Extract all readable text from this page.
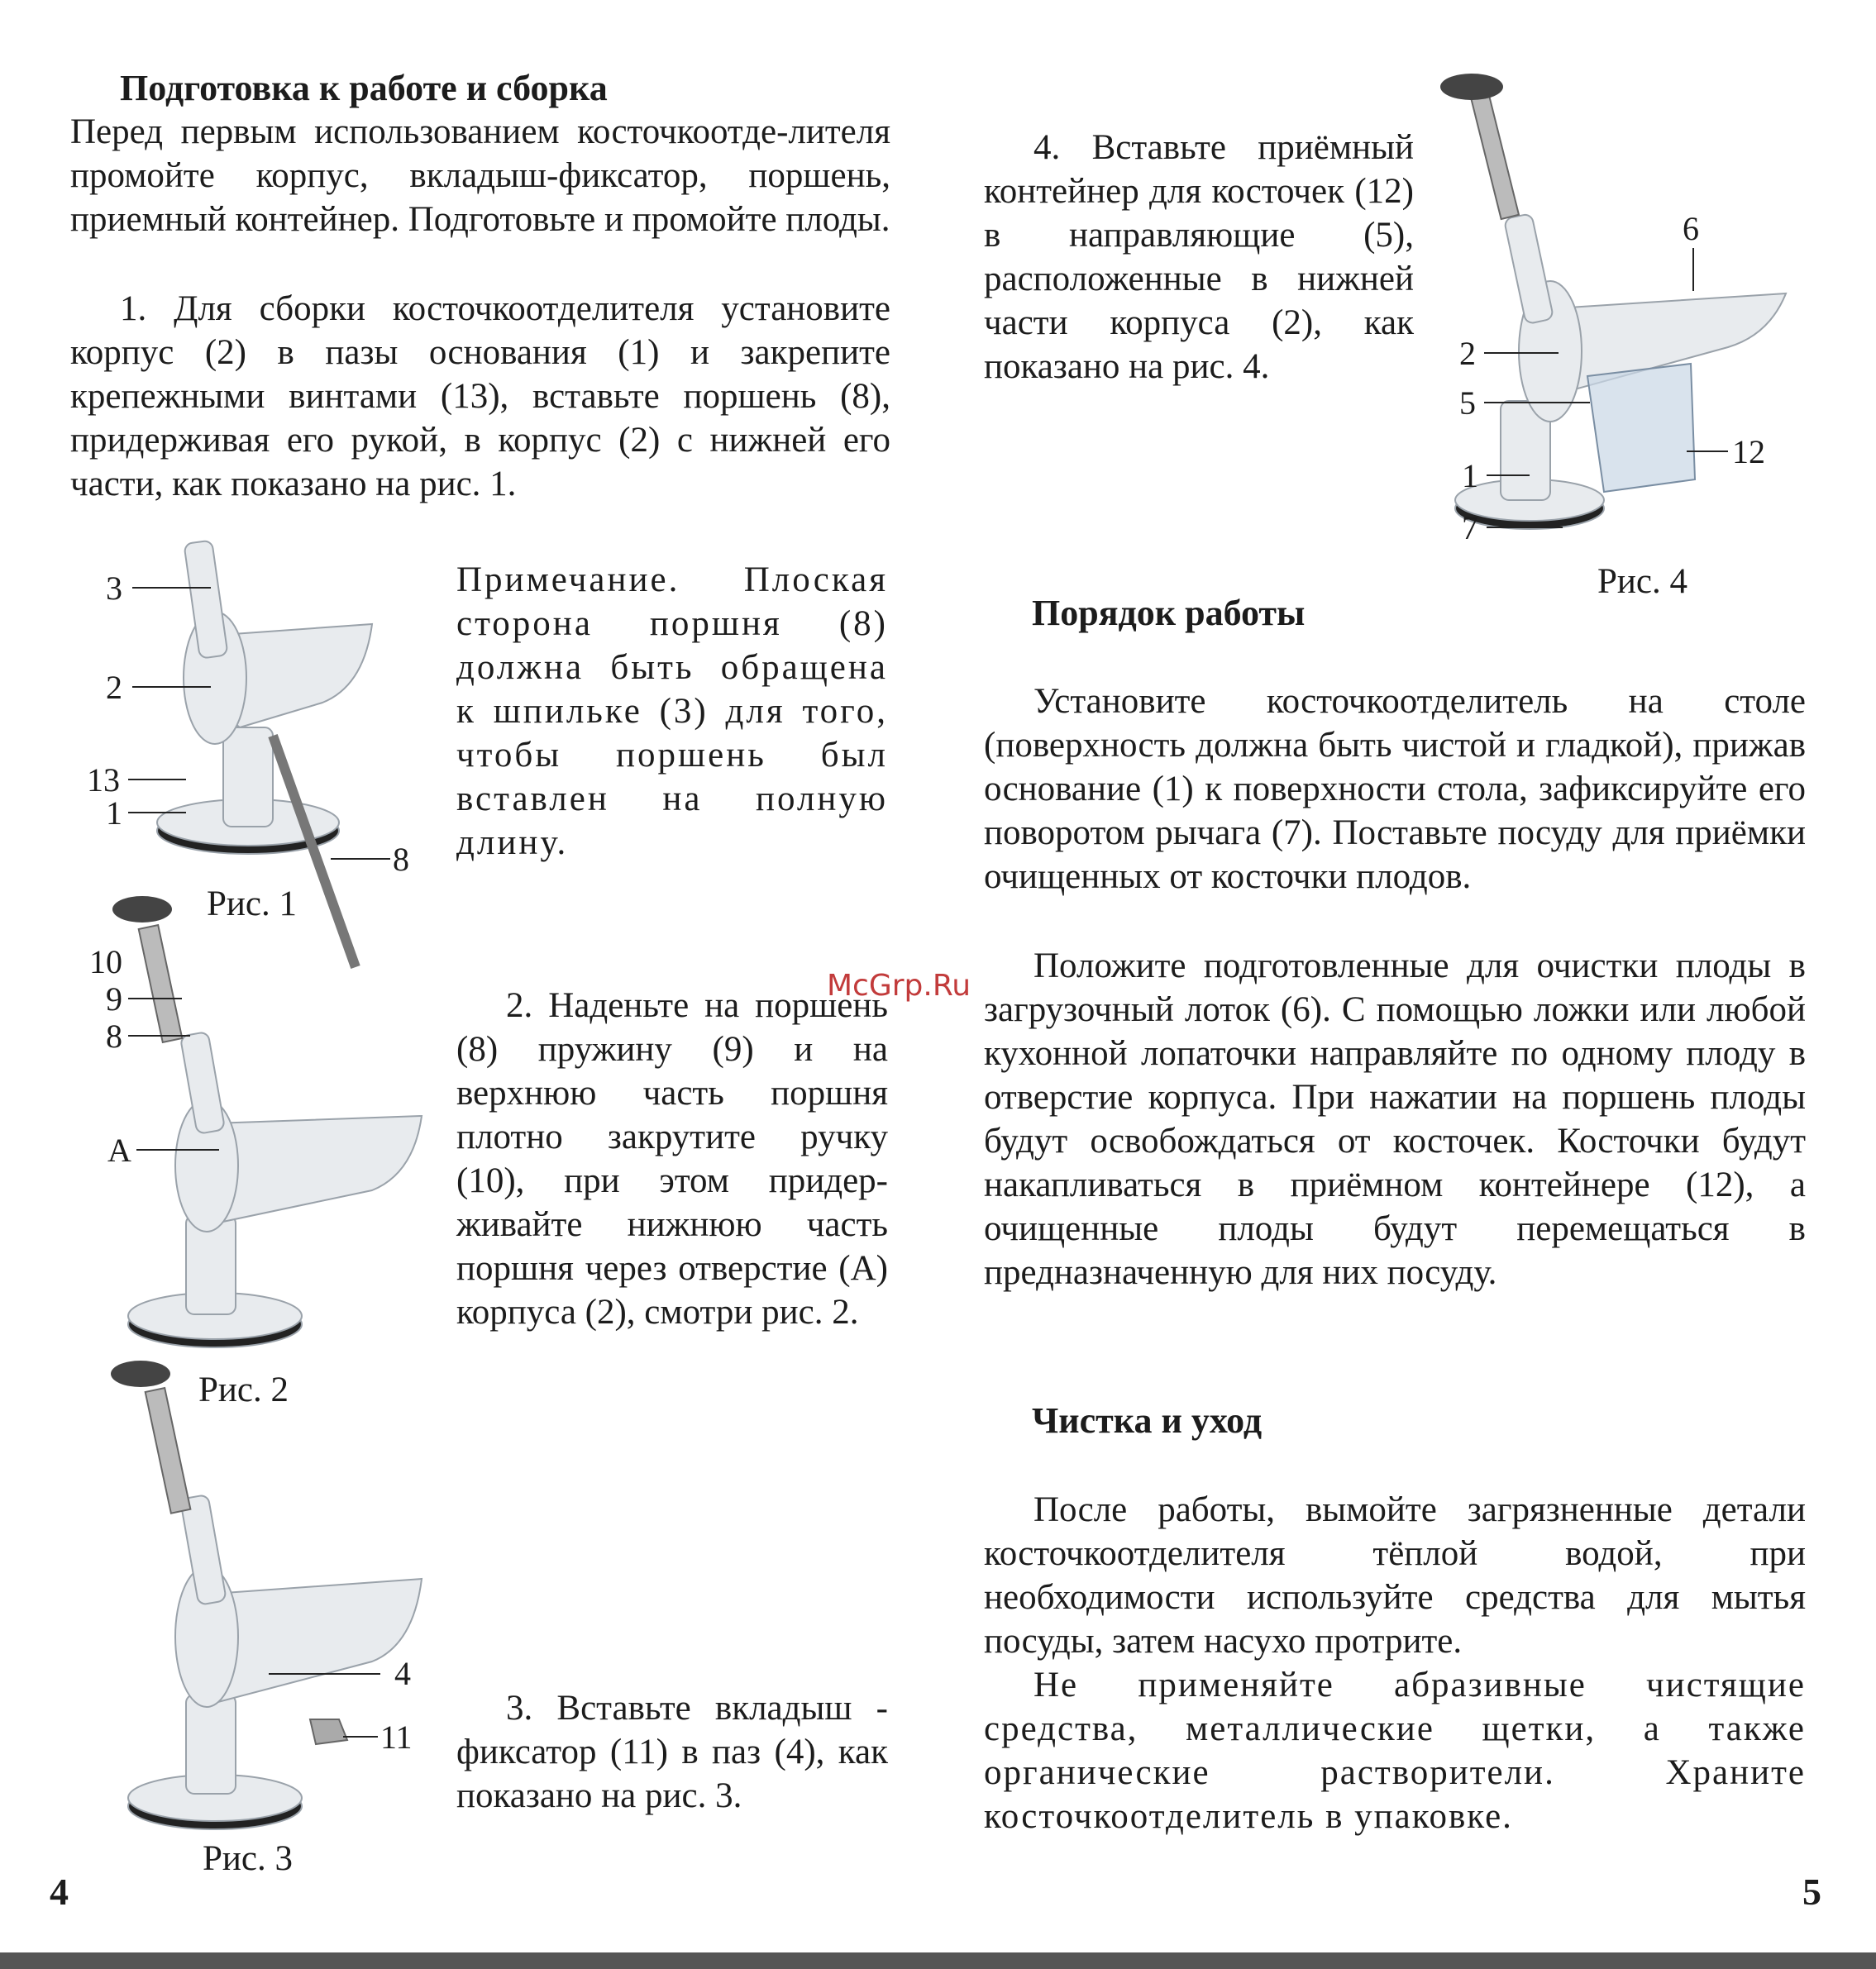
Подготовка к работе и сборка

Перед первым использованием косточкоотде-лителя промойте корпус, вкладыш-фиксатор, поршень, приемный контейнер. Подготовьте и промойте плоды.

1. Для сборки косточкоотделителя установите корпус (2) в пазы основания (1) и закрепите крепежными винтами (13), вставьте поршень (8), придерживая его рукой, в корпус (2) с нижней его части, как показано на рис. 1.

3
2
13
1
8
Рис. 1

Примечание. Плоская сторона поршня (8) должна быть обращена к шпильке (3) для того, чтобы поршень был вставлен на полную длину.

10
9
8
А
Рис. 2

2. Наденьте на поршень (8) пружину (9) и на верхнюю часть поршня плотно закрутите ручку (10), при этом придер-живайте нижнюю часть поршня через отверстие (А) корпуса (2), смотри рис. 2.

4
11
Рис. 3

3. Вставьте вкладыш - фиксатор (11) в паз (4), как показано на рис. 3.

4
McGrp.Ru

4. Вставьте приёмный контейнер для косточек (12) в направляющие (5), расположенные в нижней части корпуса (2), как показано на рис. 4.

6
2
5
12
1
7
Рис. 4
Порядок работы

Установите косточкоотделитель на столе (поверхность должна быть чистой и гладкой), прижав основание (1) к поверхности стола, зафиксируйте его поворотом рычага (7). Поставьте посуду для приёмки очищенных от косточки плодов.

Положите подготовленные для очистки плоды в загрузочный лоток (6). С помощью ложки или любой кухонной лопаточки направляйте по одному плоду в отверстие корпуса. При нажатии на поршень плоды будут освобождаться от косточек. Косточки будут накапливаться в приёмном контейнере (12), а очищенные плоды будут перемещаться в предназначенную для них посуду.

Чистка и уход

После работы, вымойте загрязненные детали косточкоотделителя тёплой водой, при необходимости используйте средства для мытья посуды, затем насухо протрите.

Не применяйте абразивные чистящие средства, металлические щетки, а также органические растворители. Храните косточкоотделитель в упаковке.

5
